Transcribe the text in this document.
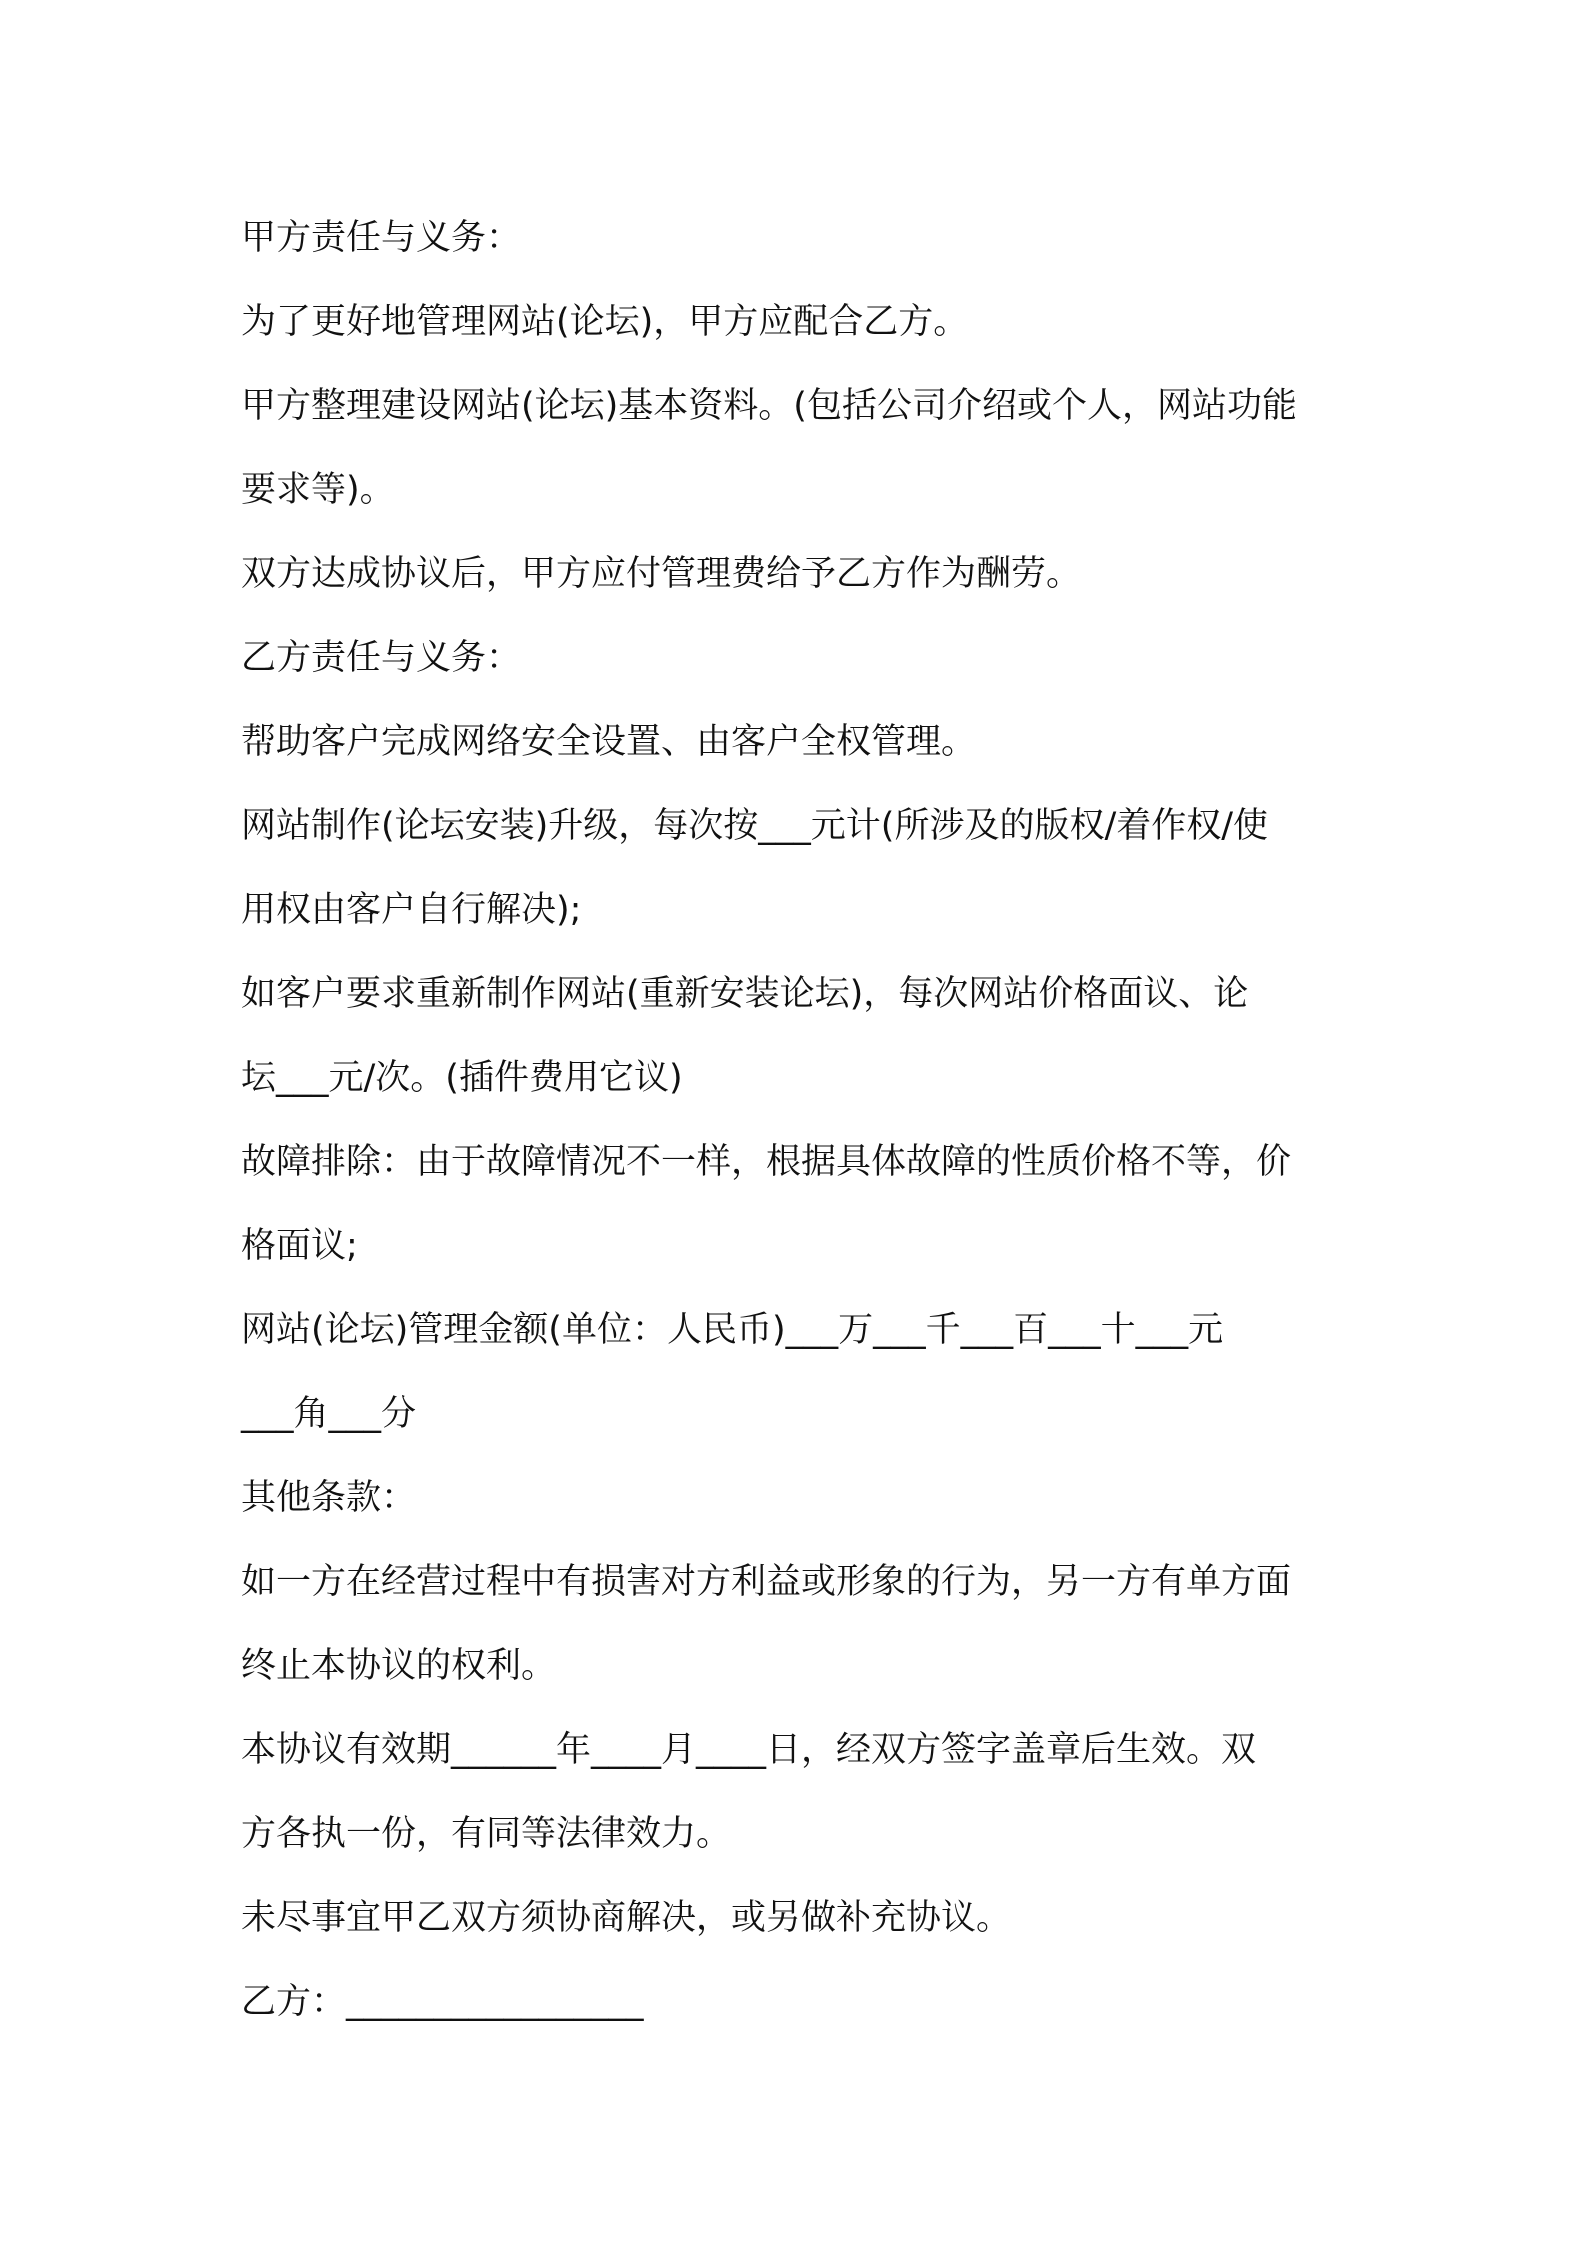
甲方责任与义务：

为了更好地管理网站(论坛)，甲方应配合乙方。

甲方整理建设网站(论坛)基本资料。(包括公司介绍或个人，网站功能

要求等)。

双方达成协议后，甲方应付管理费给予乙方作为酬劳。

乙方责任与义务：

帮助客户完成网络安全设置、由客户全权管理。

网站制作(论坛安装)升级，每次按___元计(所涉及的版权/着作权/使

用权由客户自行解决);

如客户要求重新制作网站(重新安装论坛)，每次网站价格面议、论

坛___元/次。(插件费用它议)

故障排除：由于故障情况不一样，根据具体故障的性质价格不等，价

格面议;

网站(论坛)管理金额(单位：人民币)___万___千___百___十___元

___角___分

其他条款：

如一方在经营过程中有损害对方利益或形象的行为，另一方有单方面

终止本协议的权利。

本协议有效期______年____月____日，经双方签字盖章后生效。双

方各执一份，有同等法律效力。

未尽事宜甲乙双方须协商解决，或另做补充协议。

乙方：_________________
